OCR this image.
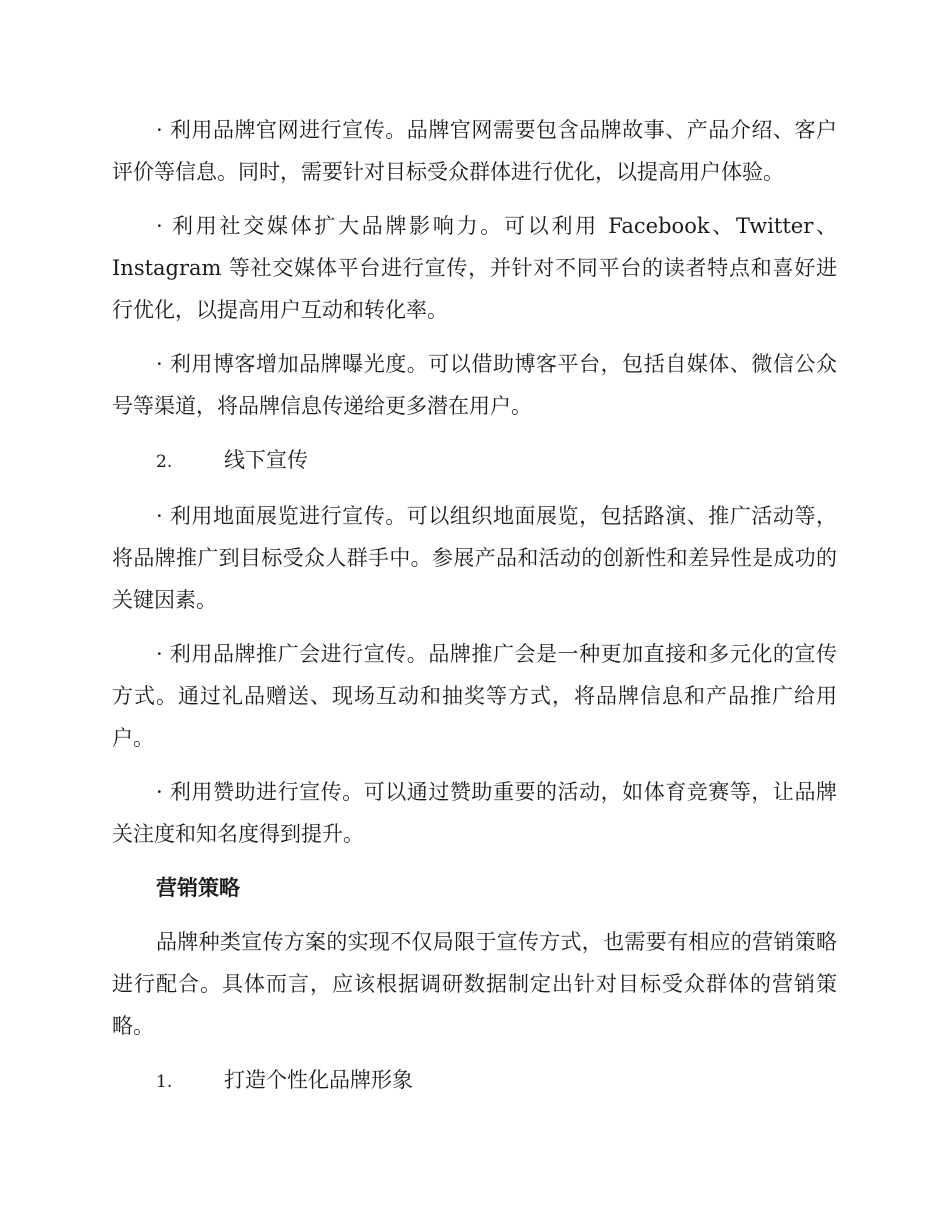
· 利用品牌官网进行宣传。品牌官网需要包含品牌故事、产品介绍、客户评价等信息。同时，需要针对目标受众群体进行优化，以提高用户体验。

· 利用社交媒体扩大品牌影响力。可以利用 Facebook、Twitter、Instagram 等社交媒体平台进行宣传，并针对不同平台的读者特点和喜好进行优化，以提高用户互动和转化率。

· 利用博客增加品牌曝光度。可以借助博客平台，包括自媒体、微信公众号等渠道，将品牌信息传递给更多潜在用户。

2.	线下宣传

· 利用地面展览进行宣传。可以组织地面展览，包括路演、推广活动等，将品牌推广到目标受众人群手中。参展产品和活动的创新性和差异性是成功的关键因素。

· 利用品牌推广会进行宣传。品牌推广会是一种更加直接和多元化的宣传方式。通过礼品赠送、现场互动和抽奖等方式，将品牌信息和产品推广给用户。

· 利用赞助进行宣传。可以通过赞助重要的活动，如体育竞赛等，让品牌关注度和知名度得到提升。

营销策略

品牌种类宣传方案的实现不仅局限于宣传方式，也需要有相应的营销策略进行配合。具体而言，应该根据调研数据制定出针对目标受众群体的营销策略。

1.	打造个性化品牌形象
